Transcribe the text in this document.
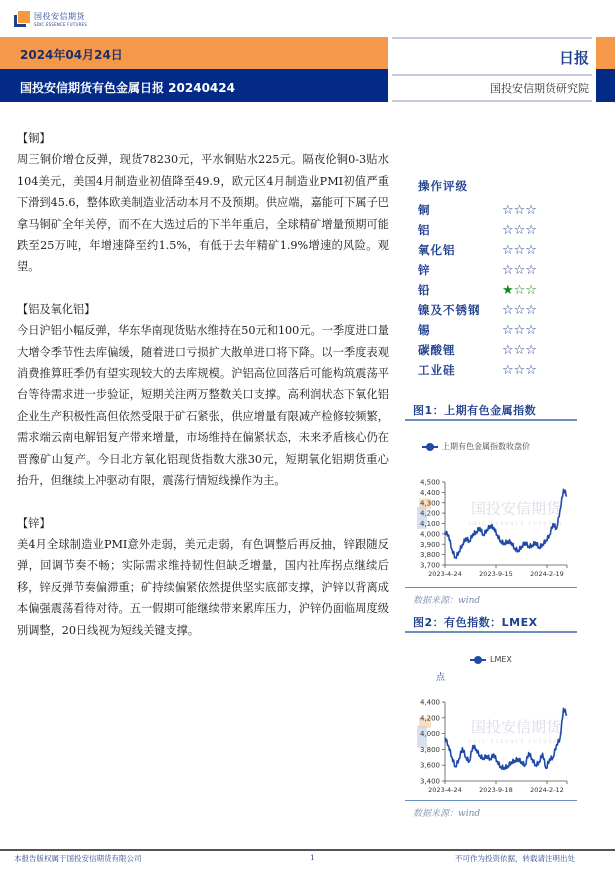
国投安信期货
SDIC ESSENCE FUTURES
2024年04月24日
国投安信期货有色金属日报 20240424
日报
国投安信期货研究院

【铜】

周三铜价增仓反弹，现货78230元，平水铜贴水225元。隔夜伦铜0-3贴水104美元，美国4月制造业初值降至49.9，欧元区4月制造业PMI初值严重下滑到45.6，整体欧美制造业活动本月不及预期。供应端，嘉能可下属子巴拿马铜矿全年关停，而不在大选过后的下半年重启，全球精矿增量预期可能跌至25万吨，年增速降至约1.5%，有低于去年精矿1.9%增速的风险。观望。

【铝及氧化铝】

今日沪铝小幅反弹，华东华南现货贴水维持在50元和100元。一季度进口量大增令季节性去库偏缓，随着进口亏损扩大散单进口将下降。以一季度表观消费推算旺季仍有望实现较大的去库规模。沪铝高位回落后可能构筑震荡平台等待需求进一步验证，短期关注两万整数关口支撑。高利润状态下氧化铝企业生产积极性高但依然受限于矿石紧张，供应增量有限减产检修较频繁，需求端云南电解铝复产带来增量，市场维持在偏紧状态，未来矛盾核心仍在晋豫矿山复产。今日北方氧化铝现货指数大涨30元，短期氧化铝期货重心抬升，但继续上冲驱动有限，震荡行情短线操作为主。

【锌】

美4月全球制造业PMI意外走弱，美元走弱，有色调整后再反抽，锌跟随反弹，回调节奏不畅；实际需求维持韧性但缺乏增量，国内社库拐点继续后移，锌反弹节奏偏滞重；矿持续偏紧依然提供坚实底部支撑，沪锌以背离成本偏强震荡看待对待。五一假期可能继续带来累库压力，沪锌仍面临周度级别调整，20日线视为短线关键支撑。

操作评级
铜	☆☆☆
铝	☆☆☆
氧化铝	☆☆☆
锌	☆☆☆
铅	★☆☆
镍及不锈钢	☆☆☆
锡	☆☆☆
碳酸锂	☆☆☆
工业硅	☆☆☆
图1：上期有色金属指数
上期有色金属指数收盘价
国投安信期货
SDIC ESSENCE FUTURES
3,700
3,800
3,900
4,000
4,100
4,200
4,300
4,400
4,500
2023-4-24	2023-9-15	2024-2-19
数据来源：wind
图2：有色指数：LMEX
LMEX
点
国投安信期货
SDIC ESSENCE FUTURES
3,400
3,600
3,800
4,000
4,200
4,400
2023-4-24	2023-9-18	2024-2-12
数据来源：wind
本报告版权属于国投安信期货有限公司	1	不可作为投资依据，转载请注明出处
